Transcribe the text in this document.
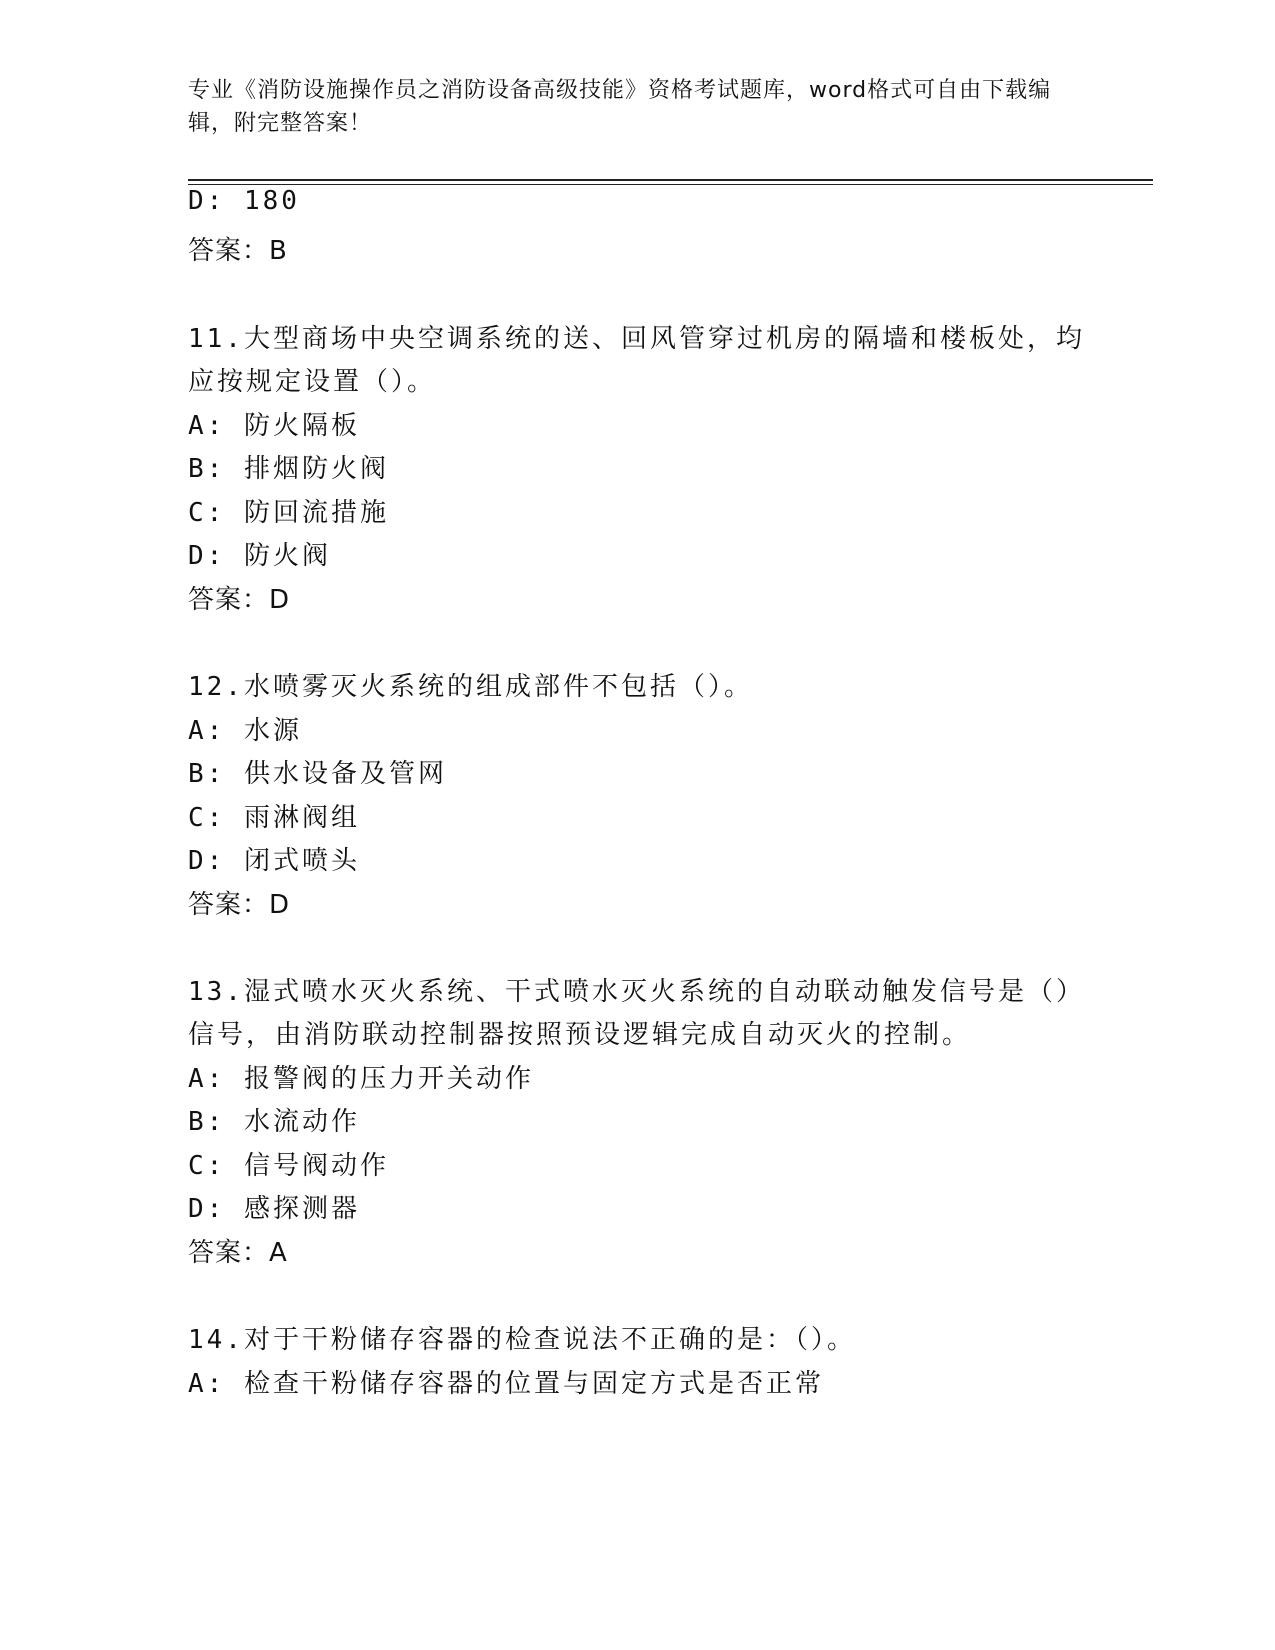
专业《消防设施操作员之消防设备高级技能》资格考试题库，word格式可自由下载编辑，附完整答案！
D: 180
答案：B
11.大型商场中央空调系统的送、回风管穿过机房的隔墙和楼板处，均
应按规定设置（）。
A: 防火隔板
B: 排烟防火阀
C: 防回流措施
D: 防火阀
答案：D
12.水喷雾灭火系统的组成部件不包括（）。
A: 水源
B: 供水设备及管网
C: 雨淋阀组
D: 闭式喷头
答案：D
13.湿式喷水灭火系统、干式喷水灭火系统的自动联动触发信号是（）
信号，由消防联动控制器按照预设逻辑完成自动灭火的控制。
A: 报警阀的压力开关动作
B: 水流动作
C: 信号阀动作
D: 感探测器
答案：A
14.对于干粉储存容器的检查说法不正确的是：（）。
A: 检查干粉储存容器的位置与固定方式是否正常
